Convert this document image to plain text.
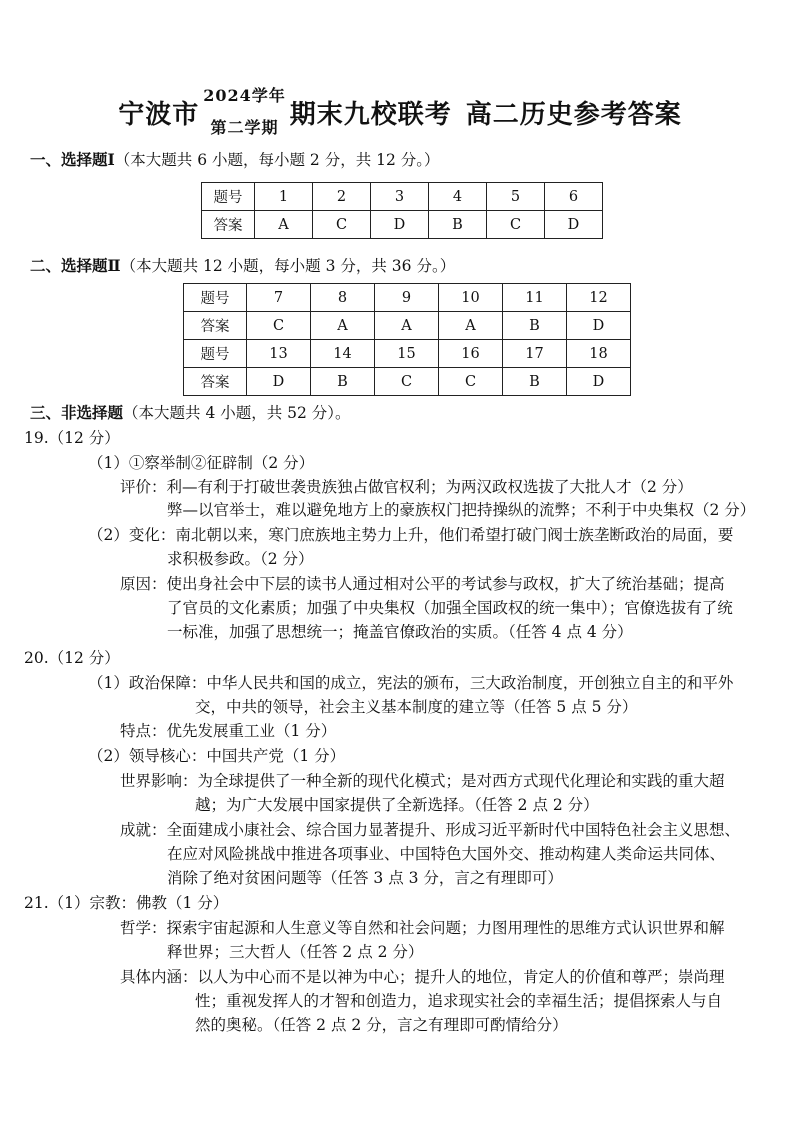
宁波市
2024学年
第二学期 期末九校联考 高二历史参考答案
一、选择题Ⅰ（本大题共 6 小题，每小题 2 分，共 12 分。）
题号	1	2	3	4	5	6
答案	A	C	D	B	C	D
二、选择题Ⅱ（本大题共 12 小题，每小题 3 分，共 36 分。）
题号	7	8	9	10	11	12
答案	C	A	A	A	B	D
题号	13	14	15	16	17	18
答案	D	B	C	C	B	D
三、非选择题（本大题共 4 小题，共 52 分）。
19.（12 分）
（1）①察举制②征辟制（2 分）
评价：利—有利于打破世袭贵族独占做官权利；为两汉政权选拔了大批人才（2 分）
弊—以官举士，难以避免地方上的豪族权门把持操纵的流弊；不利于中央集权（2 分）
（2）变化：南北朝以来，寒门庶族地主势力上升，他们希望打破门阀士族垄断政治的局面，要
求积极参政。（2 分）
原因：使出身社会中下层的读书人通过相对公平的考试参与政权，扩大了统治基础；提高
了官员的文化素质；加强了中央集权（加强全国政权的统一集中）；官僚选拔有了统
一标准，加强了思想统一；掩盖官僚政治的实质。（任答 4 点 4 分）
20.（12 分）
（1）政治保障：中华人民共和国的成立，宪法的颁布，三大政治制度，开创独立自主的和平外
交，中共的领导，社会主义基本制度的建立等（任答 5 点 5 分）
特点：优先发展重工业（1 分）
（2）领导核心：中国共产党（1 分）
世界影响：为全球提供了一种全新的现代化模式；是对西方式现代化理论和实践的重大超
越；为广大发展中国家提供了全新选择。（任答 2 点 2 分）
成就：全面建成小康社会、综合国力显著提升、形成习近平新时代中国特色社会主义思想、
在应对风险挑战中推进各项事业、中国特色大国外交、推动构建人类命运共同体、
消除了绝对贫困问题等（任答 3 点 3 分，言之有理即可）
21.（1）宗教：佛教（1 分）
哲学：探索宇宙起源和人生意义等自然和社会问题；力图用理性的思维方式认识世界和解
释世界；三大哲人（任答 2 点 2 分）
具体内涵：以人为中心而不是以神为中心；提升人的地位，肯定人的价值和尊严；崇尚理
性；重视发挥人的才智和创造力，追求现实社会的幸福生活；提倡探索人与自
然的奥秘。（任答 2 点 2 分，言之有理即可酌情给分）
